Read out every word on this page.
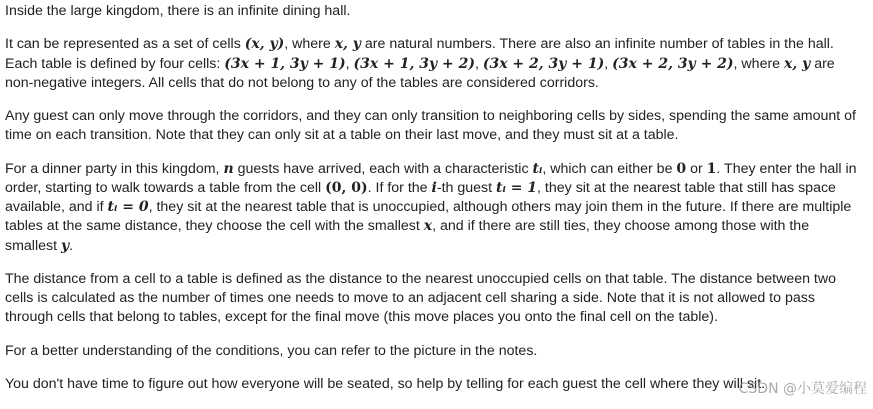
Inside the large kingdom, there is an infinite dining hall.

It can be represented as a set of cells (x, y), where x, y are natural numbers. There are also an infinite number of tables in the hall. Each table is defined by four cells: (3x + 1, 3y + 1), (3x + 1, 3y + 2), (3x + 2, 3y + 1), (3x + 2, 3y + 2), where x, y are non-negative integers. All cells that do not belong to any of the tables are considered corridors.

Any guest can only move through the corridors, and they can only transition to neighboring cells by sides, spending the same amount of time on each transition. Note that they can only sit at a table on their last move, and they must sit at a table.

For a dinner party in this kingdom, n guests have arrived, each with a characteristic tᵢ, which can either be 0 or 1. They enter the hall in order, starting to walk towards a table from the cell (0, 0). If for the i-th guest tᵢ = 1, they sit at the nearest table that still has space available, and if tᵢ = 0, they sit at the nearest table that is unoccupied, although others may join them in the future. If there are multiple tables at the same distance, they choose the cell with the smallest x, and if there are still ties, they choose among those with the smallest y.

The distance from a cell to a table is defined as the distance to the nearest unoccupied cells on that table. The distance between two cells is calculated as the number of times one needs to move to an adjacent cell sharing a side. Note that it is not allowed to pass through cells that belong to tables, except for the final move (this move places you onto the final cell on the table).

For a better understanding of the conditions, you can refer to the picture in the notes.

You don't have time to figure out how everyone will be seated, so help by telling for each guest the cell where they will sit.

CSDN @小莫爱编程
